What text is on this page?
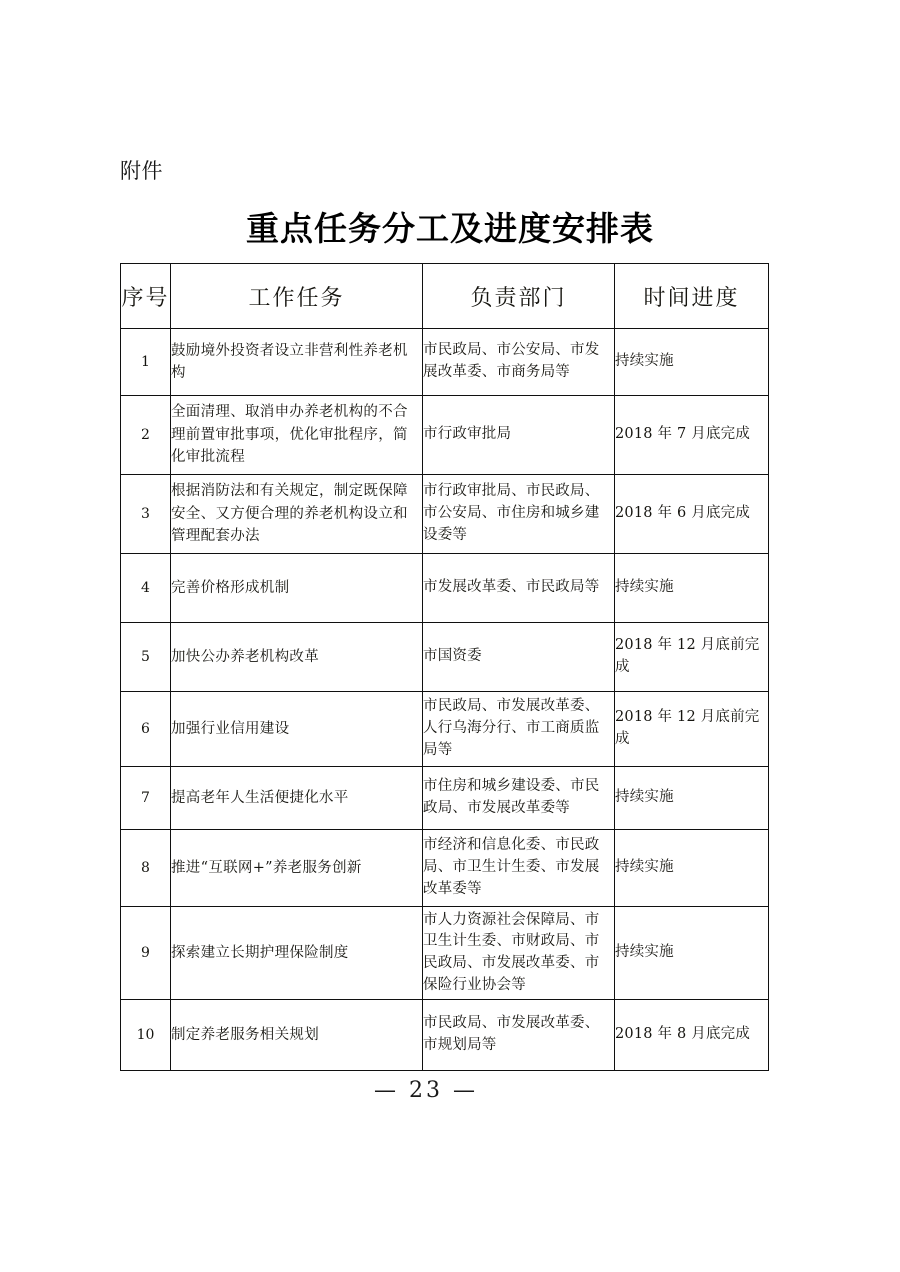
附件
重点任务分工及进度安排表
序号	工作任务	负责部门	时间进度
1	鼓励境外投资者设立非营利性养老机构	市民政局、市公安局、市发展改革委、市商务局等	持续实施
2	全面清理、取消申办养老机构的不合理前置审批事项，优化审批程序，简化审批流程	市行政审批局	2018 年 7 月底完成
3	根据消防法和有关规定，制定既保障安全、又方便合理的养老机构设立和管理配套办法	市行政审批局、市民政局、市公安局、市住房和城乡建设委等	2018 年 6 月底完成
4	完善价格形成机制	市发展改革委、市民政局等	持续实施
5	加快公办养老机构改革	市国资委	2018 年 12 月底前完成
6	加强行业信用建设	市民政局、市发展改革委、人行乌海分行、市工商质监局等	2018 年 12 月底前完成
7	提高老年人生活便捷化水平	市住房和城乡建设委、市民政局、市发展改革委等	持续实施
8	推进“互联网+”养老服务创新	市经济和信息化委、市民政局、市卫生计生委、市发展改革委等	持续实施
9	探索建立长期护理保险制度	市人力资源社会保障局、市卫生计生委、市财政局、市民政局、市发展改革委、市保险行业协会等	持续实施
10	制定养老服务相关规划	市民政局、市发展改革委、市规划局等	2018 年 8 月底完成
— 23 —
